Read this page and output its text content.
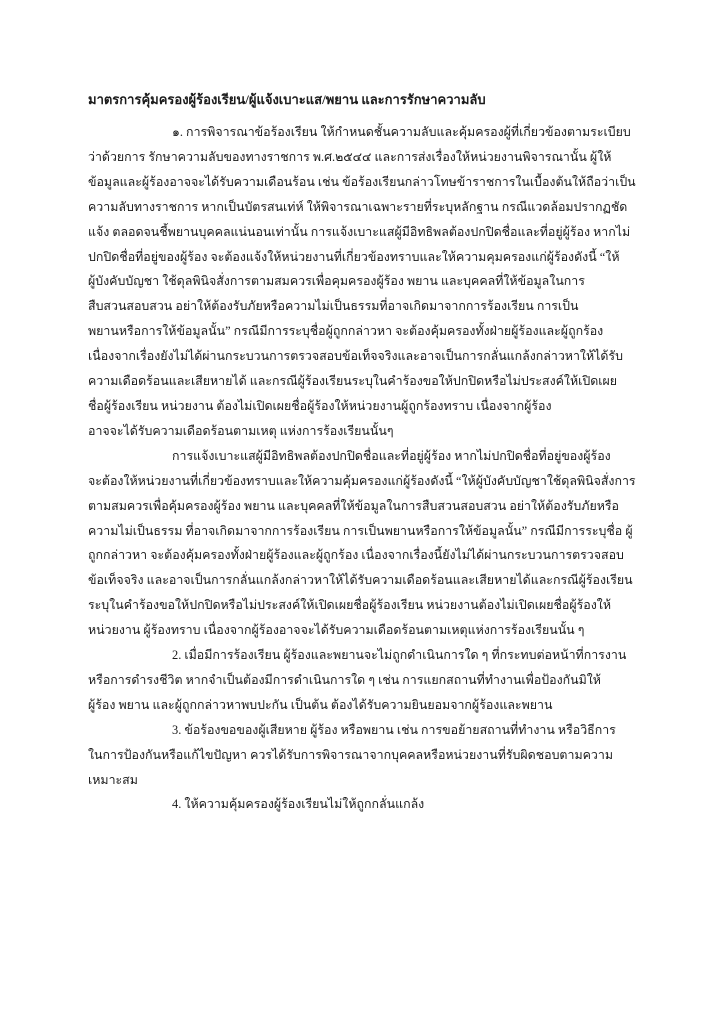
มาตรการคุ้มครองผู้ร้องเรียน/ผู้แจ้งเบาะแส/พยาน และการรักษาความลับ
๑. การพิจารณาข้อร้องเรียน ให้กำหนดชั้นความลับและคุ้มครองผู้ที่เกี่ยวข้องตามระเบียบ
ว่าด้วยการ รักษาความลับของทางราชการ พ.ศ.๒๕๔๔ และการส่งเรื่องให้หน่วยงานพิจารณานั้น ผู้ให้
ข้อมูลและผู้ร้องอาจจะได้รับความเดือนร้อน เช่น ข้อร้องเรียนกล่าวโทษข้าราชการในเบื้องต้นให้ถือว่าเป็น
ความลับทางราชการ หากเป็นบัตรสนเท่ห์ ให้พิจารณาเฉพาะรายที่ระบุหลักฐาน กรณีแวดล้อมปรากฏชัด
แจ้ง ตลอดจนชี้พยานบุคคลแน่นอนเท่านั้น การแจ้งเบาะแสผู้มีอิทธิพลต้องปกปิดชื่อและที่อยู่ผู้ร้อง หากไม่
ปกปิดชื่อที่อยู่ของผู้ร้อง จะต้องแจ้งให้หน่วยงานที่เกี่ยวข้องทราบและให้ความคุมครองแก่ผู้ร้องดังนี้ “ให้
ผู้บังคับบัญชา ใช้ดุลพินิจสั่งการตามสมควรเพื่อคุมครองผู้ร้อง พยาน และบุคคลที่ให้ข้อมูลในการ
สืบสวนสอบสวน อย่าให้ต้องรับภัยหรือความไม่เป็นธรรมที่อาจเกิดมาจากการร้องเรียน การเป็น
พยานหรือการให้ข้อมูลนั้น” กรณีมีการระบุชื่อผู้ถูกกล่าวหา จะต้องคุ้มครองทั้งฝ่ายผู้ร้องและผู้ถูกร้อง
เนื่องจากเรื่องยังไม่ได้ผ่านกระบวนการตรวจสอบข้อเท็จจริงและอาจเป็นการกลั่นแกล้งกล่าวหาให้ได้รับ
ความเดือดร้อนและเสียหายได้ และกรณีผู้ร้องเรียนระบุในคำร้องขอให้ปกปิดหรือไม่ประสงค์ให้เปิดเผย
ชื่อผู้ร้องเรียน หน่วยงาน ต้องไม่เปิดเผยชื่อผู้ร้องให้หน่วยงานผู้ถูกร้องทราบ เนื่องจากผู้ร้อง
อาจจะได้รับความเดือดร้อนตามเหตุ แห่งการร้องเรียนนั้นๆ
การแจ้งเบาะแสผู้มีอิทธิพลต้องปกปิดชื่อและที่อยู่ผู้ร้อง หากไม่ปกปิดชื่อที่อยู่ของผู้ร้อง
จะต้องให้หน่วยงานที่เกี่ยวข้องทราบและให้ความคุ้มครองแก่ผู้ร้องดังนี้ “ให้ผู้บังคับบัญชาใช้ดุลพินิจสั่งการ
ตามสมควรเพื่อคุ้มครองผู้ร้อง พยาน และบุคคลที่ให้ข้อมูลในการสืบสวนสอบสวน อย่าให้ต้องรับภัยหรือ
ความไม่เป็นธรรม ที่อาจเกิดมาจากการร้องเรียน การเป็นพยานหรือการให้ข้อมูลนั้น” กรณีมีการระบุชื่อ ผู้
ถูกกล่าวหา จะต้องคุ้มครองทั้งฝ่ายผู้ร้องและผู้ถูกร้อง เนื่องจากเรื่องนี้ยังไม่ได้ผ่านกระบวนการตรวจสอบ
ข้อเท็จจริง และอาจเป็นการกลั่นแกล้งกล่าวหาให้ได้รับความเดือดร้อนและเสียหายได้และกรณีผู้ร้องเรียน
ระบุในคำร้องขอให้ปกปิดหรือไม่ประสงค์ให้เปิดเผยชื่อผู้ร้องเรียน หน่วยงานต้องไม่เปิดเผยชื่อผู้ร้องให้
หน่วยงาน ผู้ร้องทราบ เนื่องจากผู้ร้องอาจจะได้รับความเดือดร้อนตามเหตุแห่งการร้องเรียนนั้น ๆ
2. เมื่อมีการร้องเรียน ผู้ร้องและพยานจะไม่ถูกดำเนินการใด ๆ ที่กระทบต่อหน้าที่การงาน
หรือการดำรงชีวิต หากจำเป็นต้องมีการดำเนินการใด ๆ เช่น การแยกสถานที่ทำงานเพื่อป้องกันมิให้
ผู้ร้อง พยาน และผู้ถูกกล่าวหาพบปะกัน เป็นต้น ต้องได้รับความยินยอมจากผู้ร้องและพยาน
3. ข้อร้องขอของผู้เสียหาย ผู้ร้อง หรือพยาน เช่น การขอย้ายสถานที่ทำงาน หรือวิธีการ
ในการป้องกันหรือแก้ไขปัญหา ควรได้รับการพิจารณาจากบุคคลหรือหน่วยงานที่รับผิดชอบตามความ
เหมาะสม
4. ให้ความคุ้มครองผู้ร้องเรียนไม่ให้ถูกกลั่นแกล้ง
